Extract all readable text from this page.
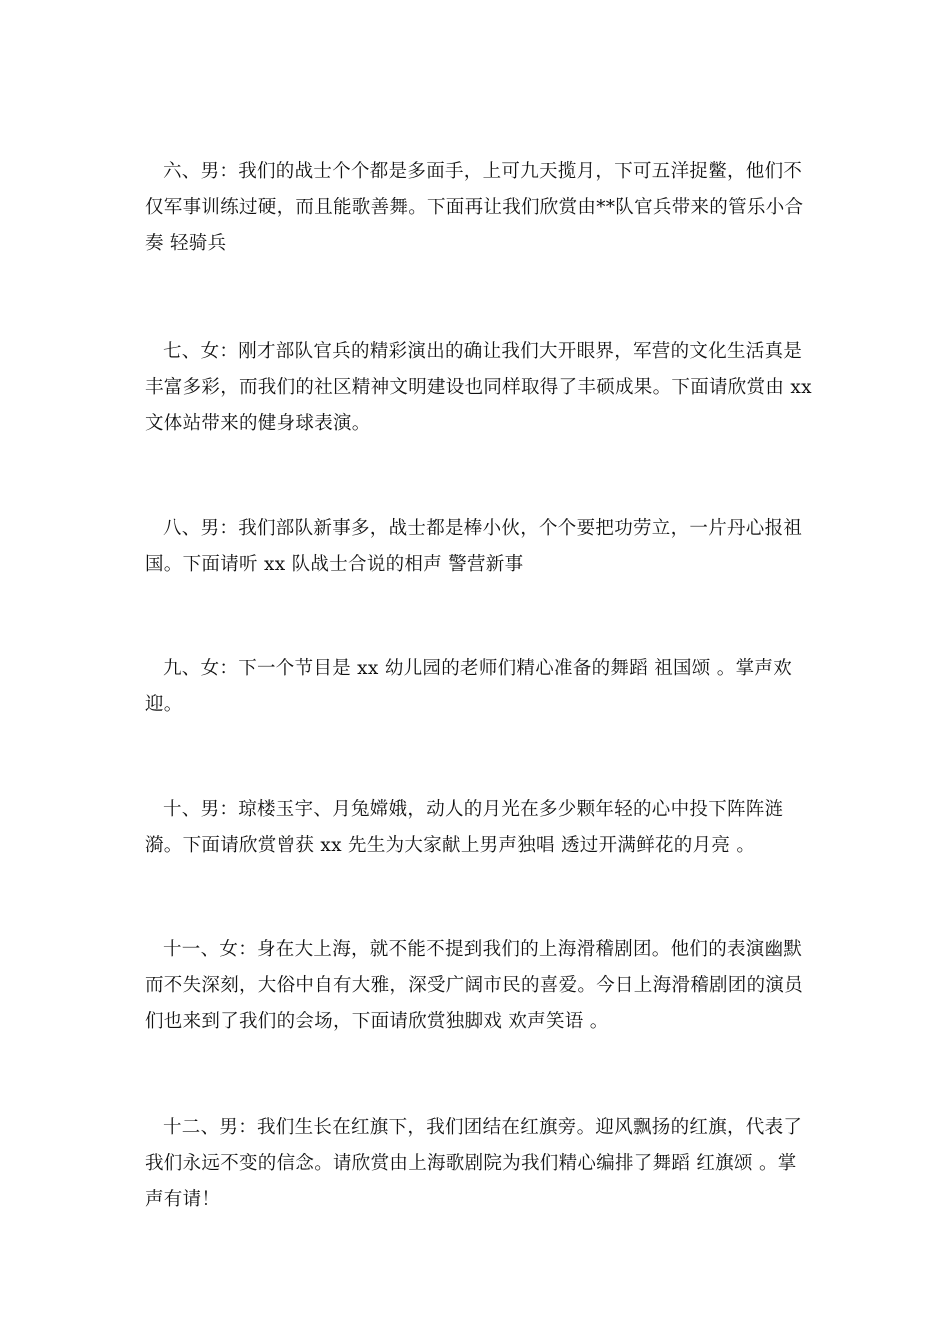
六、男：我们的战士个个都是多面手，上可九天揽月，下可五洋捉鳖，他们不仅军事训练过硬，而且能歌善舞。下面再让我们欣赏由**队官兵带来的管乐小合奏 轻骑兵

七、女：刚才部队官兵的精彩演出的确让我们大开眼界，军营的文化生活真是丰富多彩，而我们的社区精神文明建设也同样取得了丰硕成果。下面请欣赏由 xx 文体站带来的健身球表演。

八、男：我们部队新事多，战士都是棒小伙，个个要把功劳立，一片丹心报祖国。下面请听 xx 队战士合说的相声 警营新事

九、女：下一个节目是 xx 幼儿园的老师们精心准备的舞蹈 祖国颂 。掌声欢迎。

十、男：琼楼玉宇、月兔嫦娥，动人的月光在多少颗年轻的心中投下阵阵涟漪。下面请欣赏曾获 xx 先生为大家献上男声独唱 透过开满鲜花的月亮 。

十一、女：身在大上海，就不能不提到我们的上海滑稽剧团。他们的表演幽默而不失深刻，大俗中自有大雅，深受广阔市民的喜爱。今日上海滑稽剧团的演员们也来到了我们的会场，下面请欣赏独脚戏 欢声笑语 。

十二、男：我们生长在红旗下，我们团结在红旗旁。迎风飘扬的红旗，代表了我们永远不变的信念。请欣赏由上海歌剧院为我们精心编排了舞蹈 红旗颂 。掌声有请！
